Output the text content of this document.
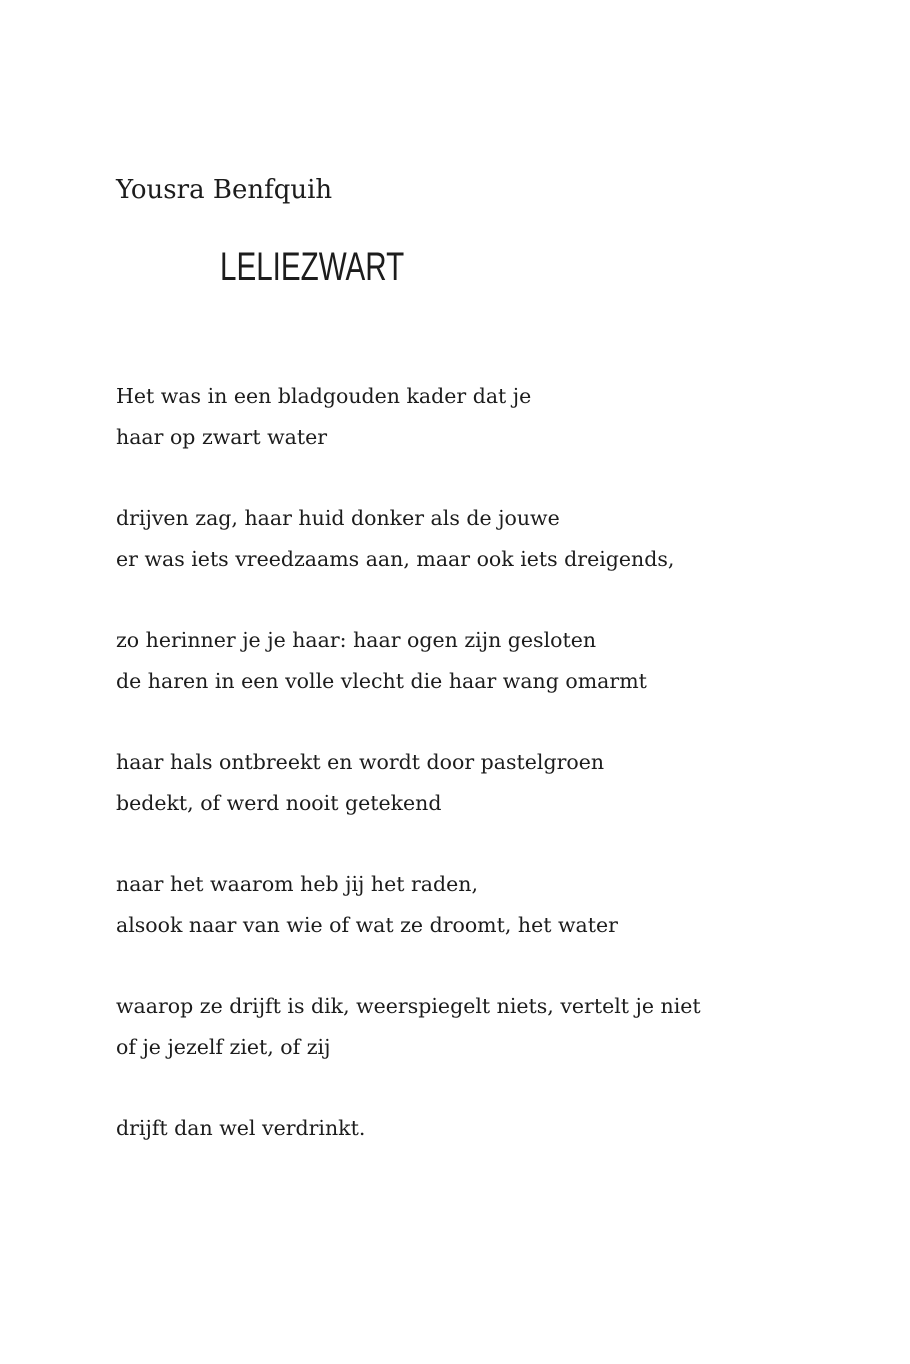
Yousra Benfquih
LELIEZWART
Het was in een bladgouden kader dat je
haar op zwart water
drijven zag, haar huid donker als de jouwe
er was iets vreedzaams aan, maar ook iets dreigends,
zo herinner je je haar: haar ogen zijn gesloten
de haren in een volle vlecht die haar wang omarmt
haar hals ontbreekt en wordt door pastelgroen
bedekt, of werd nooit getekend
naar het waarom heb jij het raden,
alsook naar van wie of wat ze droomt, het water
waarop ze drijft is dik, weerspiegelt niets, vertelt je niet
of je jezelf ziet, of zij
drijft dan wel verdrinkt.
